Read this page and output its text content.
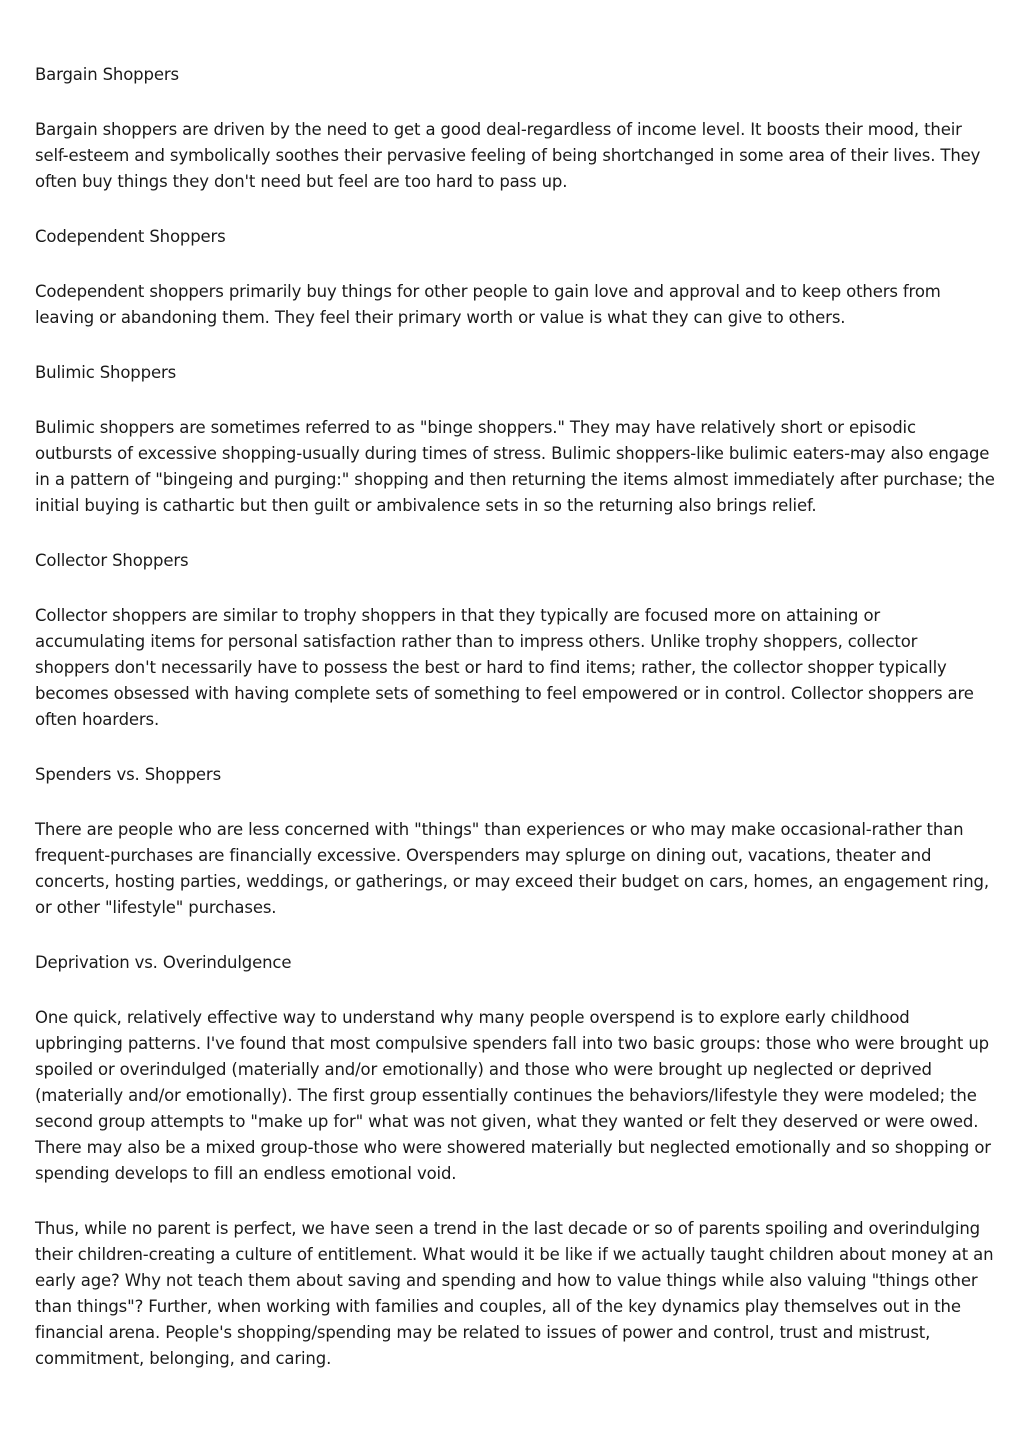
Bargain Shoppers

Bargain shoppers are driven by the need to get a good deal-regardless of income level. It boosts their mood, their self-esteem and symbolically soothes their pervasive feeling of being shortchanged in some area of their lives. They often buy things they don't need but feel are too hard to pass up.

Codependent Shoppers

Codependent shoppers primarily buy things for other people to gain love and approval and to keep others from leaving or abandoning them. They feel their primary worth or value is what they can give to others.

Bulimic Shoppers

Bulimic shoppers are sometimes referred to as "binge shoppers." They may have relatively short or episodic outbursts of excessive shopping-usually during times of stress. Bulimic shoppers-like bulimic eaters-may also engage in a pattern of "bingeing and purging:" shopping and then returning the items almost immediately after purchase; the initial buying is cathartic but then guilt or ambivalence sets in so the returning also brings relief.

Collector Shoppers

Collector shoppers are similar to trophy shoppers in that they typically are focused more on attaining or accumulating items for personal satisfaction rather than to impress others. Unlike trophy shoppers, collector shoppers don't necessarily have to possess the best or hard to find items; rather, the collector shopper typically becomes obsessed with having complete sets of something to feel empowered or in control. Collector shoppers are often hoarders.

Spenders vs. Shoppers

There are people who are less concerned with "things" than experiences or who may make occasional-rather than frequent-purchases are financially excessive. Overspenders may splurge on dining out, vacations, theater and concerts, hosting parties, weddings, or gatherings, or may exceed their budget on cars, homes, an engagement ring, or other "lifestyle" purchases.

Deprivation vs. Overindulgence

One quick, relatively effective way to understand why many people overspend is to explore early childhood upbringing patterns. I've found that most compulsive spenders fall into two basic groups: those who were brought up spoiled or overindulged (materially and/or emotionally) and those who were brought up neglected or deprived (materially and/or emotionally). The first group essentially continues the behaviors/lifestyle they were modeled; the second group attempts to "make up for" what was not given, what they wanted or felt they deserved or were owed. There may also be a mixed group-those who were showered materially but neglected emotionally and so shopping or spending develops to fill an endless emotional void.

Thus, while no parent is perfect, we have seen a trend in the last decade or so of parents spoiling and overindulging their children-creating a culture of entitlement. What would it be like if we actually taught children about money at an early age? Why not teach them about saving and spending and how to value things while also valuing "things other than things"? Further, when working with families and couples, all of the key dynamics play themselves out in the financial arena. People's shopping/spending may be related to issues of power and control, trust and mistrust, commitment, belonging, and caring.
